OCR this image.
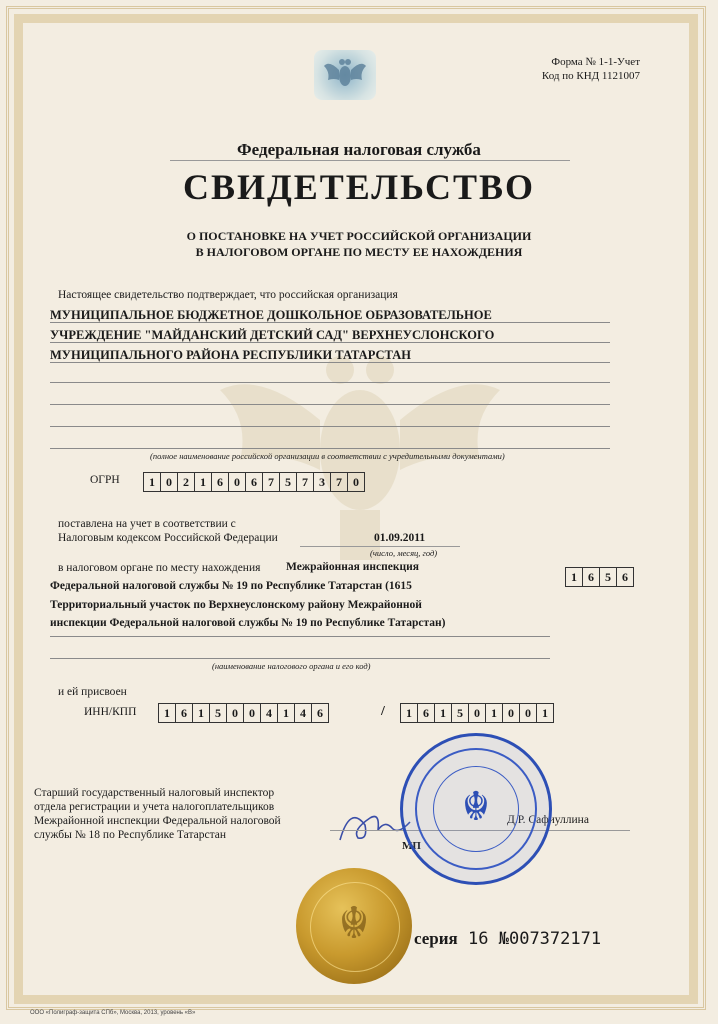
Форма № 1-1-Учет
Код по КНД 1121007
Федеральная налоговая служба
СВИДЕТЕЛЬСТВО
О ПОСТАНОВКЕ НА УЧЕТ РОССИЙСКОЙ ОРГАНИЗАЦИИ
В НАЛОГОВОМ ОРГАНЕ ПО МЕСТУ ЕЕ НАХОЖДЕНИЯ
Настоящее свидетельство подтверждает, что российская организация
МУНИЦИПАЛЬНОЕ БЮДЖЕТНОЕ ДОШКОЛЬНОЕ ОБРАЗОВАТЕЛЬНОЕ
УЧРЕЖДЕНИЕ "МАЙДАНСКИЙ ДЕТСКИЙ САД" ВЕРХНЕУСЛОНСКОГО
МУНИЦИПАЛЬНОГО РАЙОНА РЕСПУБЛИКИ ТАТАРСТАН
(полное наименование российской организации в соответствии с учредительными документами)
ОГРН	1 0 2 1 6 0 6 7 5 7 3 7 0
поставлена на учет в соответствии с
Налоговым кодексом Российской Федерации	01.09.2011
(число, месяц, год)
в налоговом органе по месту нахождения Межрайонная инспекция
Федеральной налоговой службы № 19 по Республике Татарстан (1615
1 6 5 6
Территориальный участок по Верхнеуслонскому району Межрайонной
инспекции Федеральной налоговой службы № 19 по Республике Татарстан)
(наименование налогового органа и его код)
и ей присвоен
ИНН/КПП	1 6 1 5 0 0 4 1 4 6	/	1 6 1 5 0 1 0 0 1
Старший государственный налоговый инспектор
отдела регистрации и учета налогоплательщиков
Межрайонной инспекции Федеральной налоговой
службы № 18 по Республике Татарстан
Д.Р. Сафиуллина
МП
☬
☬	серия 16 №007372171
ООО «Полиграф-защита СПб», Москва, 2013, уровень «В»
